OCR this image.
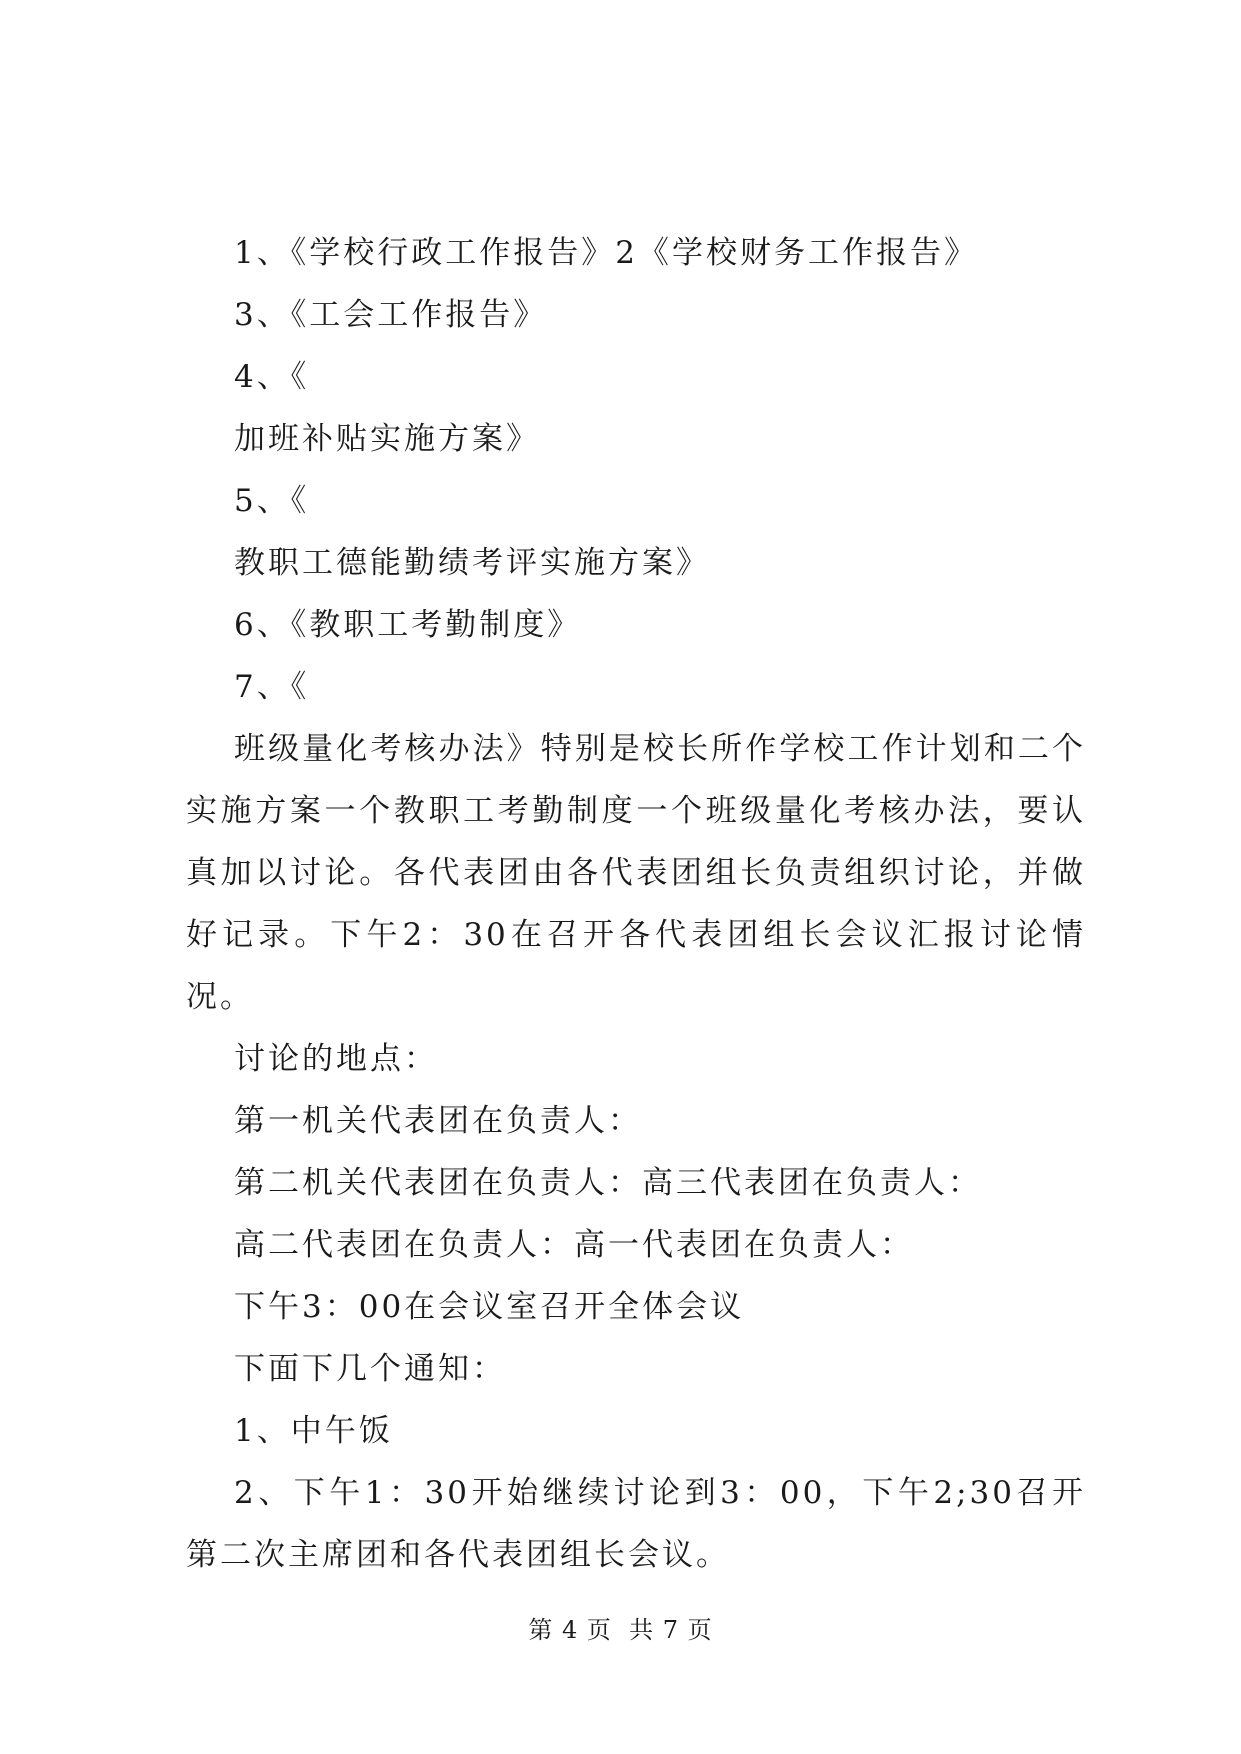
1、《学校行政工作报告》2《学校财务工作报告》

3、《工会工作报告》

4、《

加班补贴实施方案》

5、《

教职工德能勤绩考评实施方案》

6、《教职工考勤制度》

7、《

班级量化考核办法》特别是校长所作学校工作计划和二个实施方案一个教职工考勤制度一个班级量化考核办法，要认真加以讨论。各代表团由各代表团组长负责组织讨论，并做好记录。下午2：30在召开各代表团组长会议汇报讨论情况。

讨论的地点：

第一机关代表团在负责人：

第二机关代表团在负责人：高三代表团在负责人：

高二代表团在负责人：高一代表团在负责人：

下午3：00在会议室召开全体会议

下面下几个通知：

1、中午饭

2、下午1：30开始继续讨论到3：00，下午2;30召开第二次主席团和各代表团组长会议。

第 4 页  共 7 页
